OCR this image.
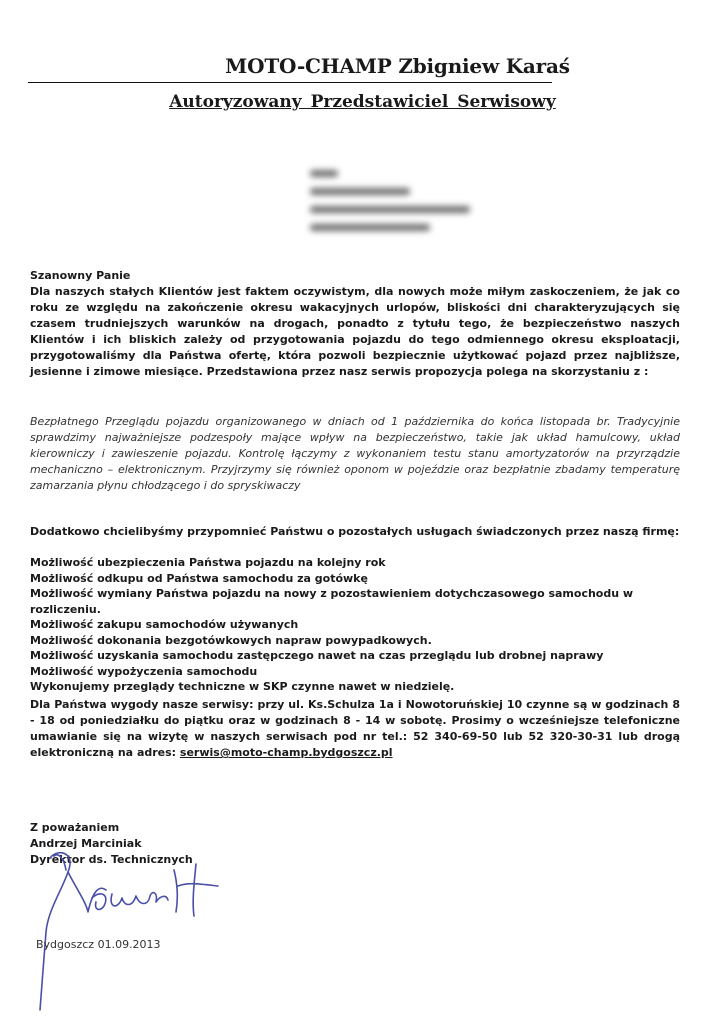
MOTO-CHAMP Zbigniew Karaś
Autoryzowany Przedstawiciel Serwisowy
Szanowny Panie
Dla naszych stałych Klientów jest faktem oczywistym, dla nowych może miłym zaskoczeniem, że jak co roku ze względu na zakończenie okresu wakacyjnych urlopów, bliskości dni charakteryzujących się czasem trudniejszych warunków na drogach, ponadto z tytułu tego, że bezpieczeństwo naszych Klientów i ich bliskich zależy od przygotowania pojazdu do tego odmiennego okresu eksploatacji, przygotowaliśmy dla Państwa ofertę, która pozwoli bezpiecznie użytkować pojazd przez najbliższe, jesienne i zimowe miesiące. Przedstawiona przez nasz serwis propozycja polega na skorzystaniu z :
Bezpłatnego Przeglądu pojazdu organizowanego w dniach od 1 października do końca listopada br. Tradycyjnie sprawdzimy najważniejsze podzespoły mające wpływ na bezpieczeństwo, takie jak układ hamulcowy, układ kierowniczy i zawieszenie pojazdu. Kontrolę łączymy z wykonaniem testu stanu amortyzatorów na przyrządzie mechaniczno – elektronicznym. Przyjrzymy się również oponom w pojeździe oraz bezpłatnie zbadamy temperaturę zamarzania płynu chłodzącego i do spryskiwaczy
Dodatkowo chcielibyśmy przypomnieć Państwu o pozostałych usługach świadczonych przez naszą firmę:
Możliwość ubezpieczenia Państwa pojazdu na kolejny rok
Możliwość odkupu od Państwa samochodu za gotówkę
Możliwość wymiany Państwa pojazdu na nowy z pozostawieniem dotychczasowego samochodu w rozliczeniu.
Możliwość zakupu samochodów używanych
Możliwość dokonania bezgotówkowych napraw powypadkowych.
Możliwość uzyskania samochodu zastępczego nawet na czas przeglądu lub drobnej naprawy
Możliwość wypożyczenia samochodu
Wykonujemy przeglądy techniczne w SKP czynne nawet w niedzielę.
Dla Państwa wygody nasze serwisy: przy ul. Ks.Schulza 1a i Nowotoruńskiej 10 czynne są w godzinach 8 - 18 od poniedziałku do piątku oraz w godzinach 8 - 14 w sobotę. Prosimy o wcześniejsze telefoniczne umawianie się na wizytę w naszych serwisach pod nr tel.: 52 340-69-50 lub 52 320-30-31 lub drogą elektroniczną na adres: serwis@moto-champ.bydgoszcz.pl
Z poważaniem
Andrzej Marciniak
Dyrektor ds. Technicznych
Bydgoszcz 01.09.2013
